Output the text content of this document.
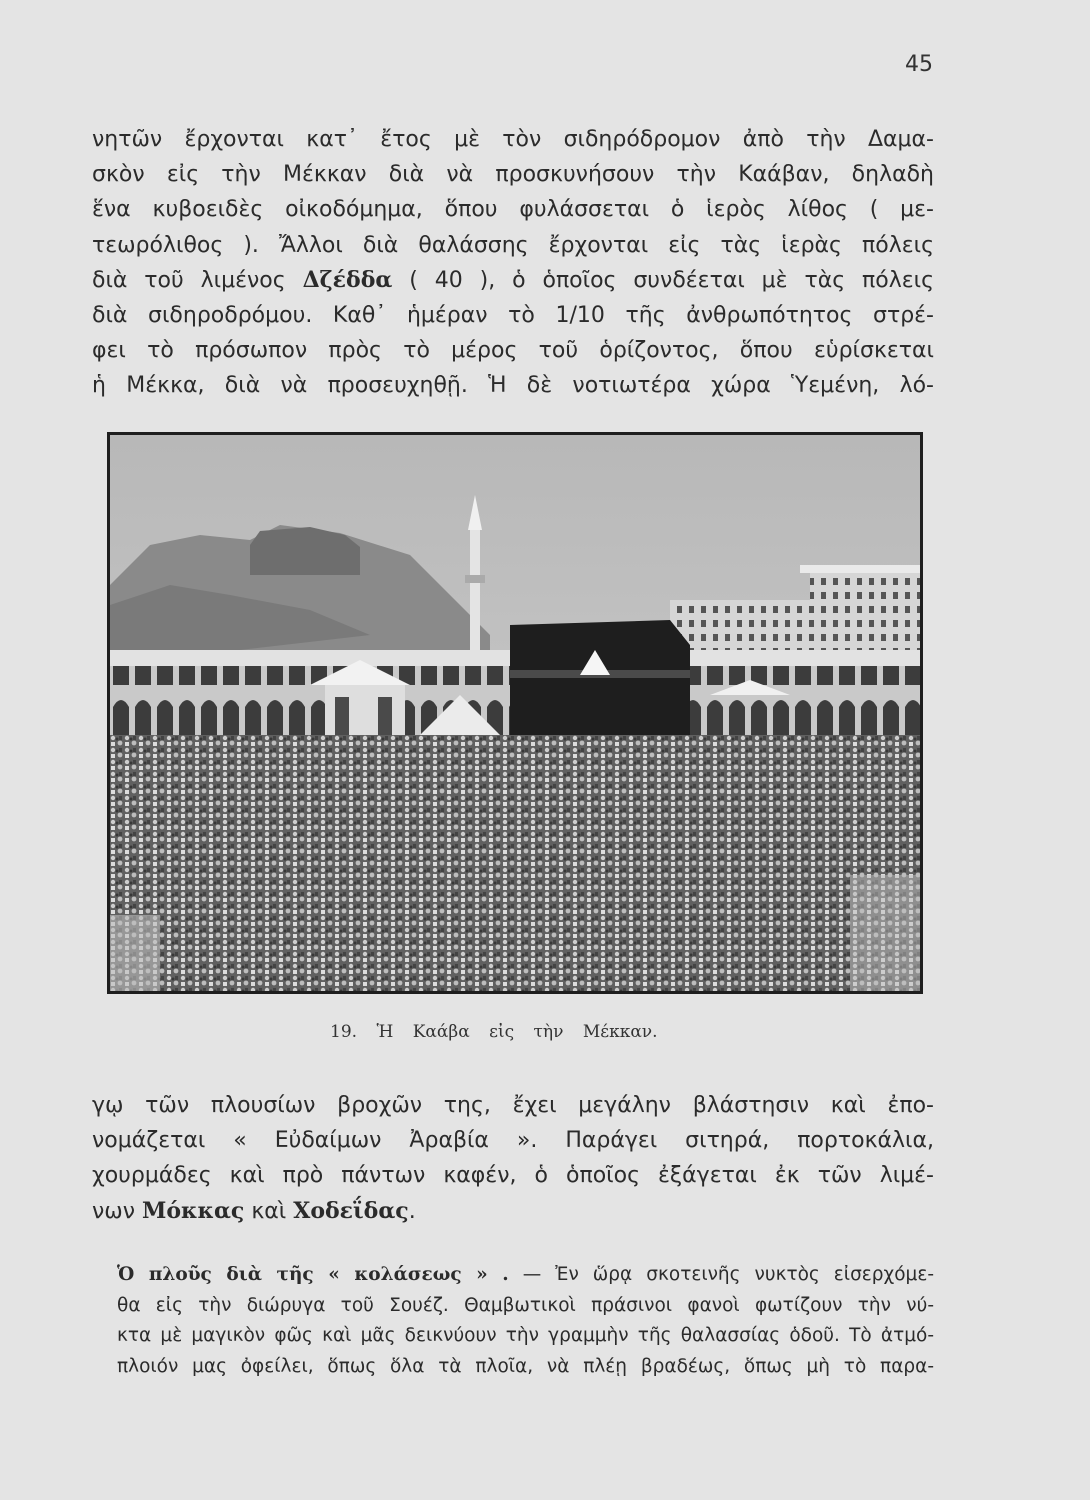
45
νητῶν ἔρχονται κατ᾽ ἔτος μὲ τὸν σιδηρόδρομον ἀπὸ τὴν Δαμα-
σκὸν εἰς τὴν Μέκκαν διὰ νὰ προσκυνήσουν τὴν Καάβαν, δηλαδὴ
ἕνα κυβοειδὲς οἰκοδόμημα, ὅπου φυλάσσεται ὁ ἱερὸς λίθος ( με-
τεωρόλιθος ). Ἄλλοι διὰ θαλάσσης ἔρχονται εἰς τὰς ἱερὰς πόλεις
διὰ τοῦ λιμένος Δζέδδα ( 40 ), ὁ ὁποῖος συνδέεται μὲ τὰς πόλεις
διὰ σιδηροδρόμου. Καθ᾽ ἡμέραν τὸ 1/10 τῆς ἀνθρωπότητος στρέ-
φει τὸ πρόσωπον πρὸς τὸ μέρος τοῦ ὁρίζοντος, ὅπου εὑρίσκεται
ἡ Μέκκα, διὰ νὰ προσευχηθῇ. Ἡ δὲ νοτιωτέρα χώρα Ὑεμένη, λό-
19. Ἡ Καάβα εἰς τὴν Μέκκαν.
γῳ τῶν πλουσίων βροχῶν της, ἔχει μεγάλην βλάστησιν καὶ ἐπο-
νομάζεται « Εὐδαίμων Ἀραβία ». Παράγει σιτηρά, πορτοκάλια,
χουρμάδες καὶ πρὸ πάντων καφέν, ὁ ὁποῖος ἐξάγεται ἐκ τῶν λιμέ-
νων Μόκκας καὶ Χοδεΐδας.
Ὁ πλοῦς διὰ τῆς « κολάσεως » . — Ἐν ὥρᾳ σκοτεινῆς νυκτὸς εἰσερχόμε-
θα εἰς τὴν διώρυγα τοῦ Σουέζ. Θαμβωτικοὶ πράσινοι φανοὶ φωτίζουν τὴν νύ-
κτα μὲ μαγικὸν φῶς καὶ μᾶς δεικνύουν τὴν γραμμὴν τῆς θαλασσίας ὁδοῦ. Τὸ ἀτμό-
πλοιόν μας ὀφείλει, ὅπως ὅλα τὰ πλοῖα, νὰ πλέῃ βραδέως, ὅπως μὴ τὸ παρα-
